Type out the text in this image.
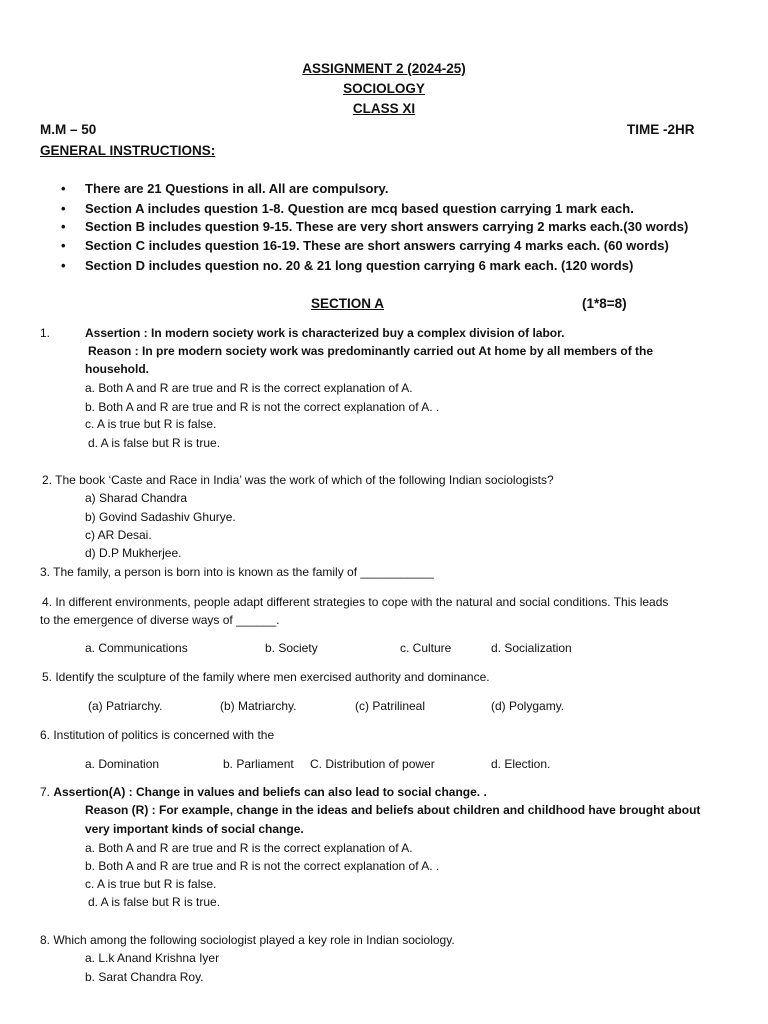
ASSIGNMENT 2 (2024-25)
SOCIOLOGY
CLASS XI
M.M – 50	TIME -2HR
GENERAL INSTRUCTIONS:
• There are 21 Questions in all. All are compulsory.
• Section A includes question 1-8. Question are mcq based question carrying 1 mark each.
• Section B includes question 9-15. These are very short answers carrying 2 marks each.(30 words)
• Section C includes question 16-19. These are short answers carrying 4 marks each. (60 words)
• Section D includes question no. 20 & 21 long question carrying 6 mark each. (120 words)
SECTION A	(1*8=8)
1.	Assertion : In modern society work is characterized buy a complex division of labor.
Reason : In pre modern society work was predominantly carried out At home by all members of the
household.
a. Both A and R are true and R is the correct explanation of A.
b. Both A and R are true and R is not the correct explanation of A. .
c. A is true but R is false.
d. A is false but R is true.
2. The book ‘Caste and Race in India’ was the work of which of the following Indian sociologists?
a) Sharad Chandra
b) Govind Sadashiv Ghurye.
c) AR Desai.
d) D.P Mukherjee.
3. The family, a person is born into is known as the family of ___________
4. In different environments, people adapt different strategies to cope with the natural and social conditions. This leads
to the emergence of diverse ways of ______.
a. Communications	b. Society	c. Culture	d. Socialization
5. Identify the sculpture of the family where men exercised authority and dominance.
(a) Patriarchy.	(b) Matriarchy.	(c) Patrilineal	(d) Polygamy.
6. Institution of politics is concerned with the
a. Domination	b. Parliament C. Distribution of power	d. Election.
7. Assertion(A) : Change in values and beliefs can also lead to social change. .
Reason (R) : For example, change in the ideas and beliefs about children and childhood have brought about
very important kinds of social change.
a. Both A and R are true and R is the correct explanation of A.
b. Both A and R are true and R is not the correct explanation of A. .
c. A is true but R is false.
d. A is false but R is true.
8. Which among the following sociologist played a key role in Indian sociology.
a. L.k Anand Krishna Iyer
b. Sarat Chandra Roy.
